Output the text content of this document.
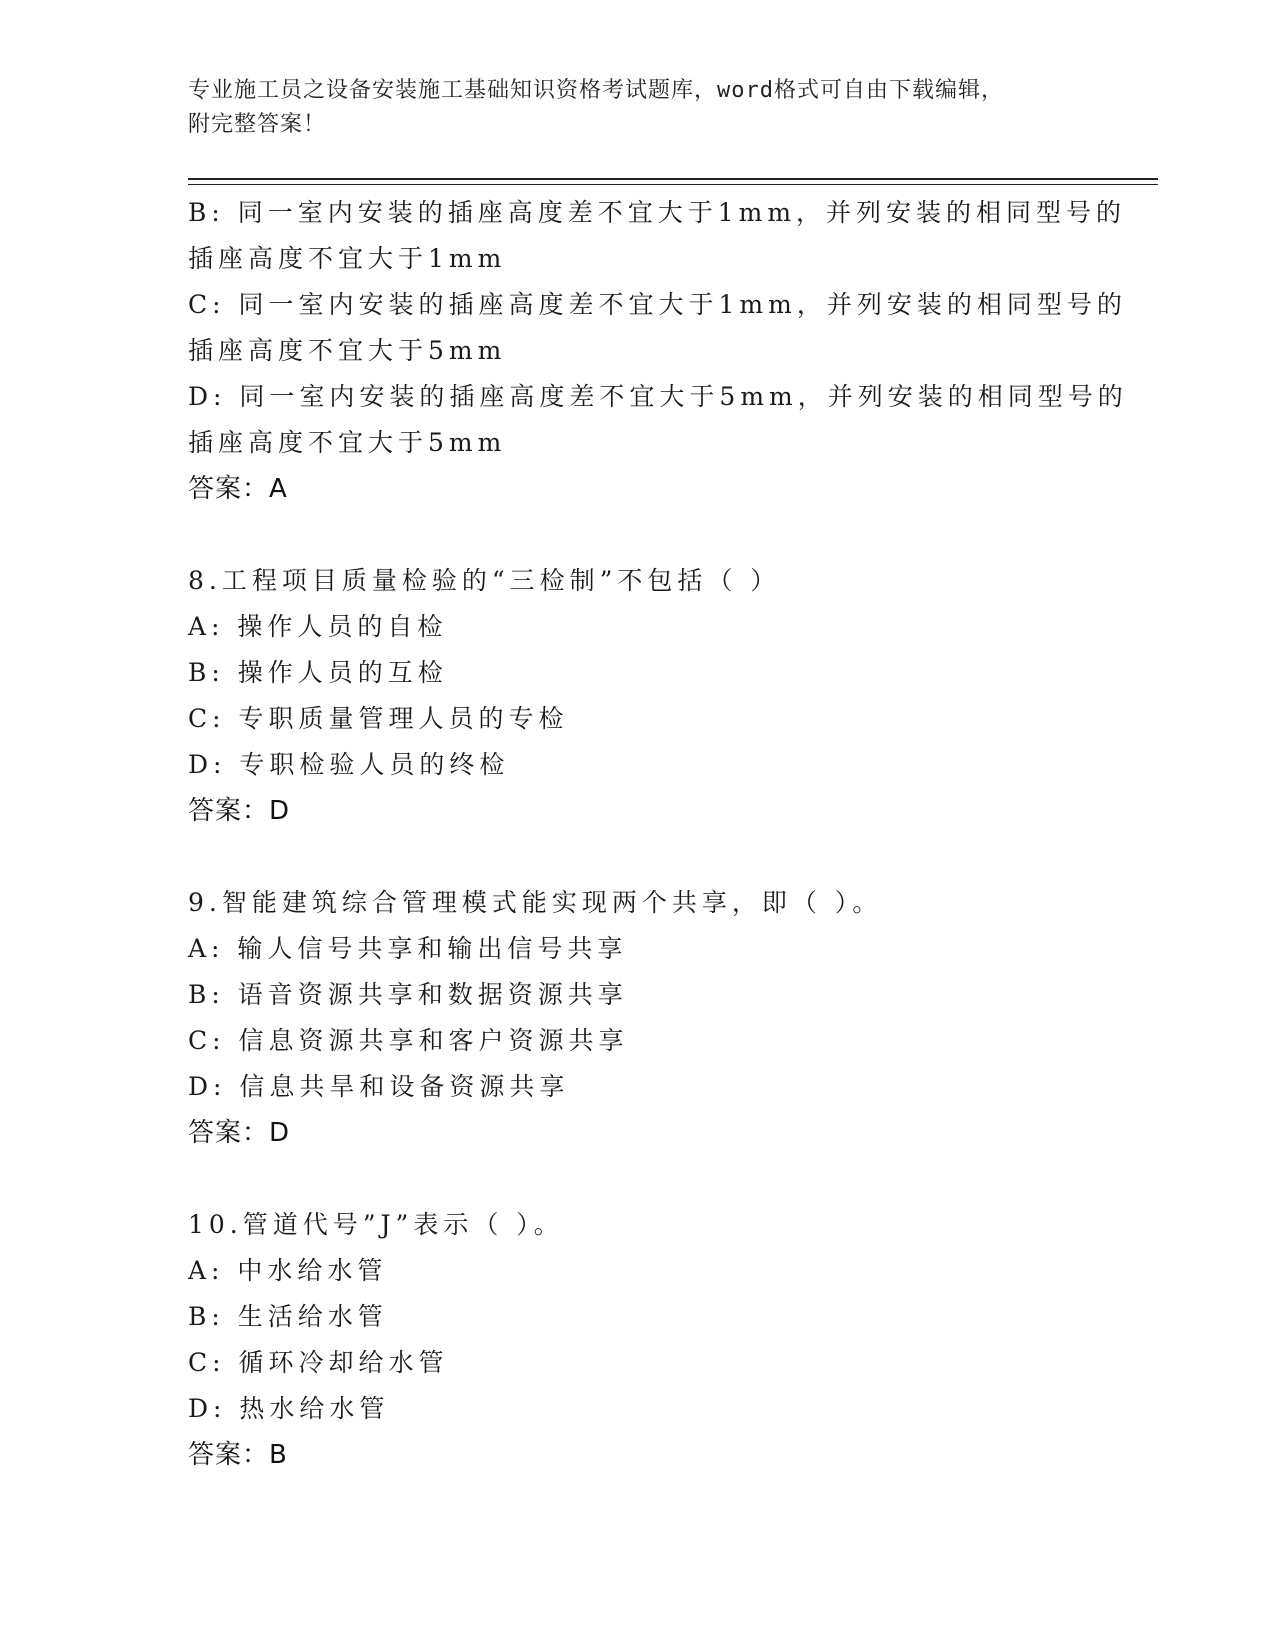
专业施工员之设备安装施工基础知识资格考试题库，word格式可自由下载编辑，
附完整答案！
B: 同一室内安装的插座高度差不宜大于1mm，并列安装的相同型号的
插座高度不宜大于1mm
C: 同一室内安装的插座高度差不宜大于1mm，并列安装的相同型号的
插座高度不宜大于5mm
D: 同一室内安装的插座高度差不宜大于5mm，并列安装的相同型号的
插座高度不宜大于5mm
答案：A
8.工程项目质量检验的“三检制”不包括（ ）
A: 操作人员的自检
B: 操作人员的互检
C: 专职质量管理人员的专检
D: 专职检验人员的终检
答案：D
9.智能建筑综合管理模式能实现两个共享，即（ ）。
A: 输人信号共享和输出信号共享
B: 语音资源共享和数据资源共享
C: 信息资源共享和客户资源共享
D: 信息共旱和设备资源共享
答案：D
10.管道代号”J”表示（ ）。
A: 中水给水管
B: 生活给水管
C: 循环冷却给水管
D: 热水给水管
答案：B
